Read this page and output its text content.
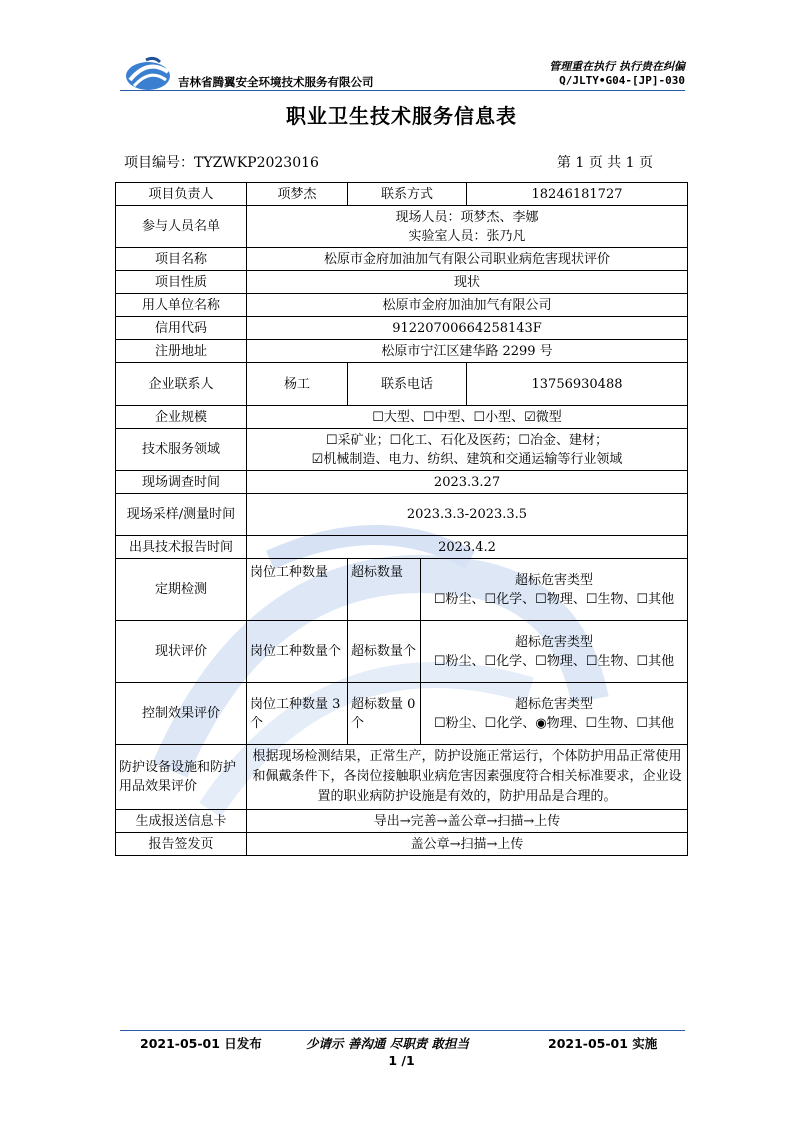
吉林省腾翼安全环境技术服务有限公司
管理重在执行 执行贵在纠偏
Q/JLTY•G04-[JP]-030
职业卫生技术服务信息表
项目编号：TYZWKP2023016	第 1 页 共 1 页
项目负责人	项梦杰	联系方式		18246181727
参与人员名单	现场人员：项梦杰、李娜
实验室人员：张乃凡			

项目名称	松原市金府加油加气有限公司职业病危害现状评价			
项目性质	现状			
用人单位名称	松原市金府加油加气有限公司			
信用代码	91220700664258143F			
注册地址	松原市宁江区建华路 2299 号			
企业联系人	杨工	联系电话		13756930488
企业规模	☐大型、☐中型、☐小型、☑微型			
技术服务领域	☐采矿业；☐化工、石化及医药；☐冶金、建材；
☑机械制造、电力、纺织、建筑和交通运输等行业领域			

现场调查时间	2023.3.27			
现场采样/测量时间	2023.3.3-2023.3.5			
出具技术报告时间	2023.4.2			
定期检测	岗位工种数量	超标数量	超标危害类型
☐粉尘、☐化学、☐物理、☐生物、☐其他	

现状评价	岗位工种数量个	超标数量个	超标危害类型
☐粉尘、☐化学、☐物理、☐生物、☐其他	

控制效果评价	岗位工种数量 3 个	超标数量 0 个	超标危害类型
☐粉尘、☐化学、◉物理、☐生物、☐其他	

防护设备设施和防护用品效果评价	根据现场检测结果，正常生产，防护设施正常运行，个体防护用品正常使用和佩戴条件下，各岗位接触职业病危害因素强度符合相关标准要求，企业设置的职业病防护设施是有效的，防护用品是合理的。			
生成报送信息卡	导出→完善→盖公章→扫描→上传			
报告签发页	盖公章→扫描→上传			
2021-05-01 日发布	少请示 善沟通 尽职责 敢担当	2021-05-01 实施
1 /1
